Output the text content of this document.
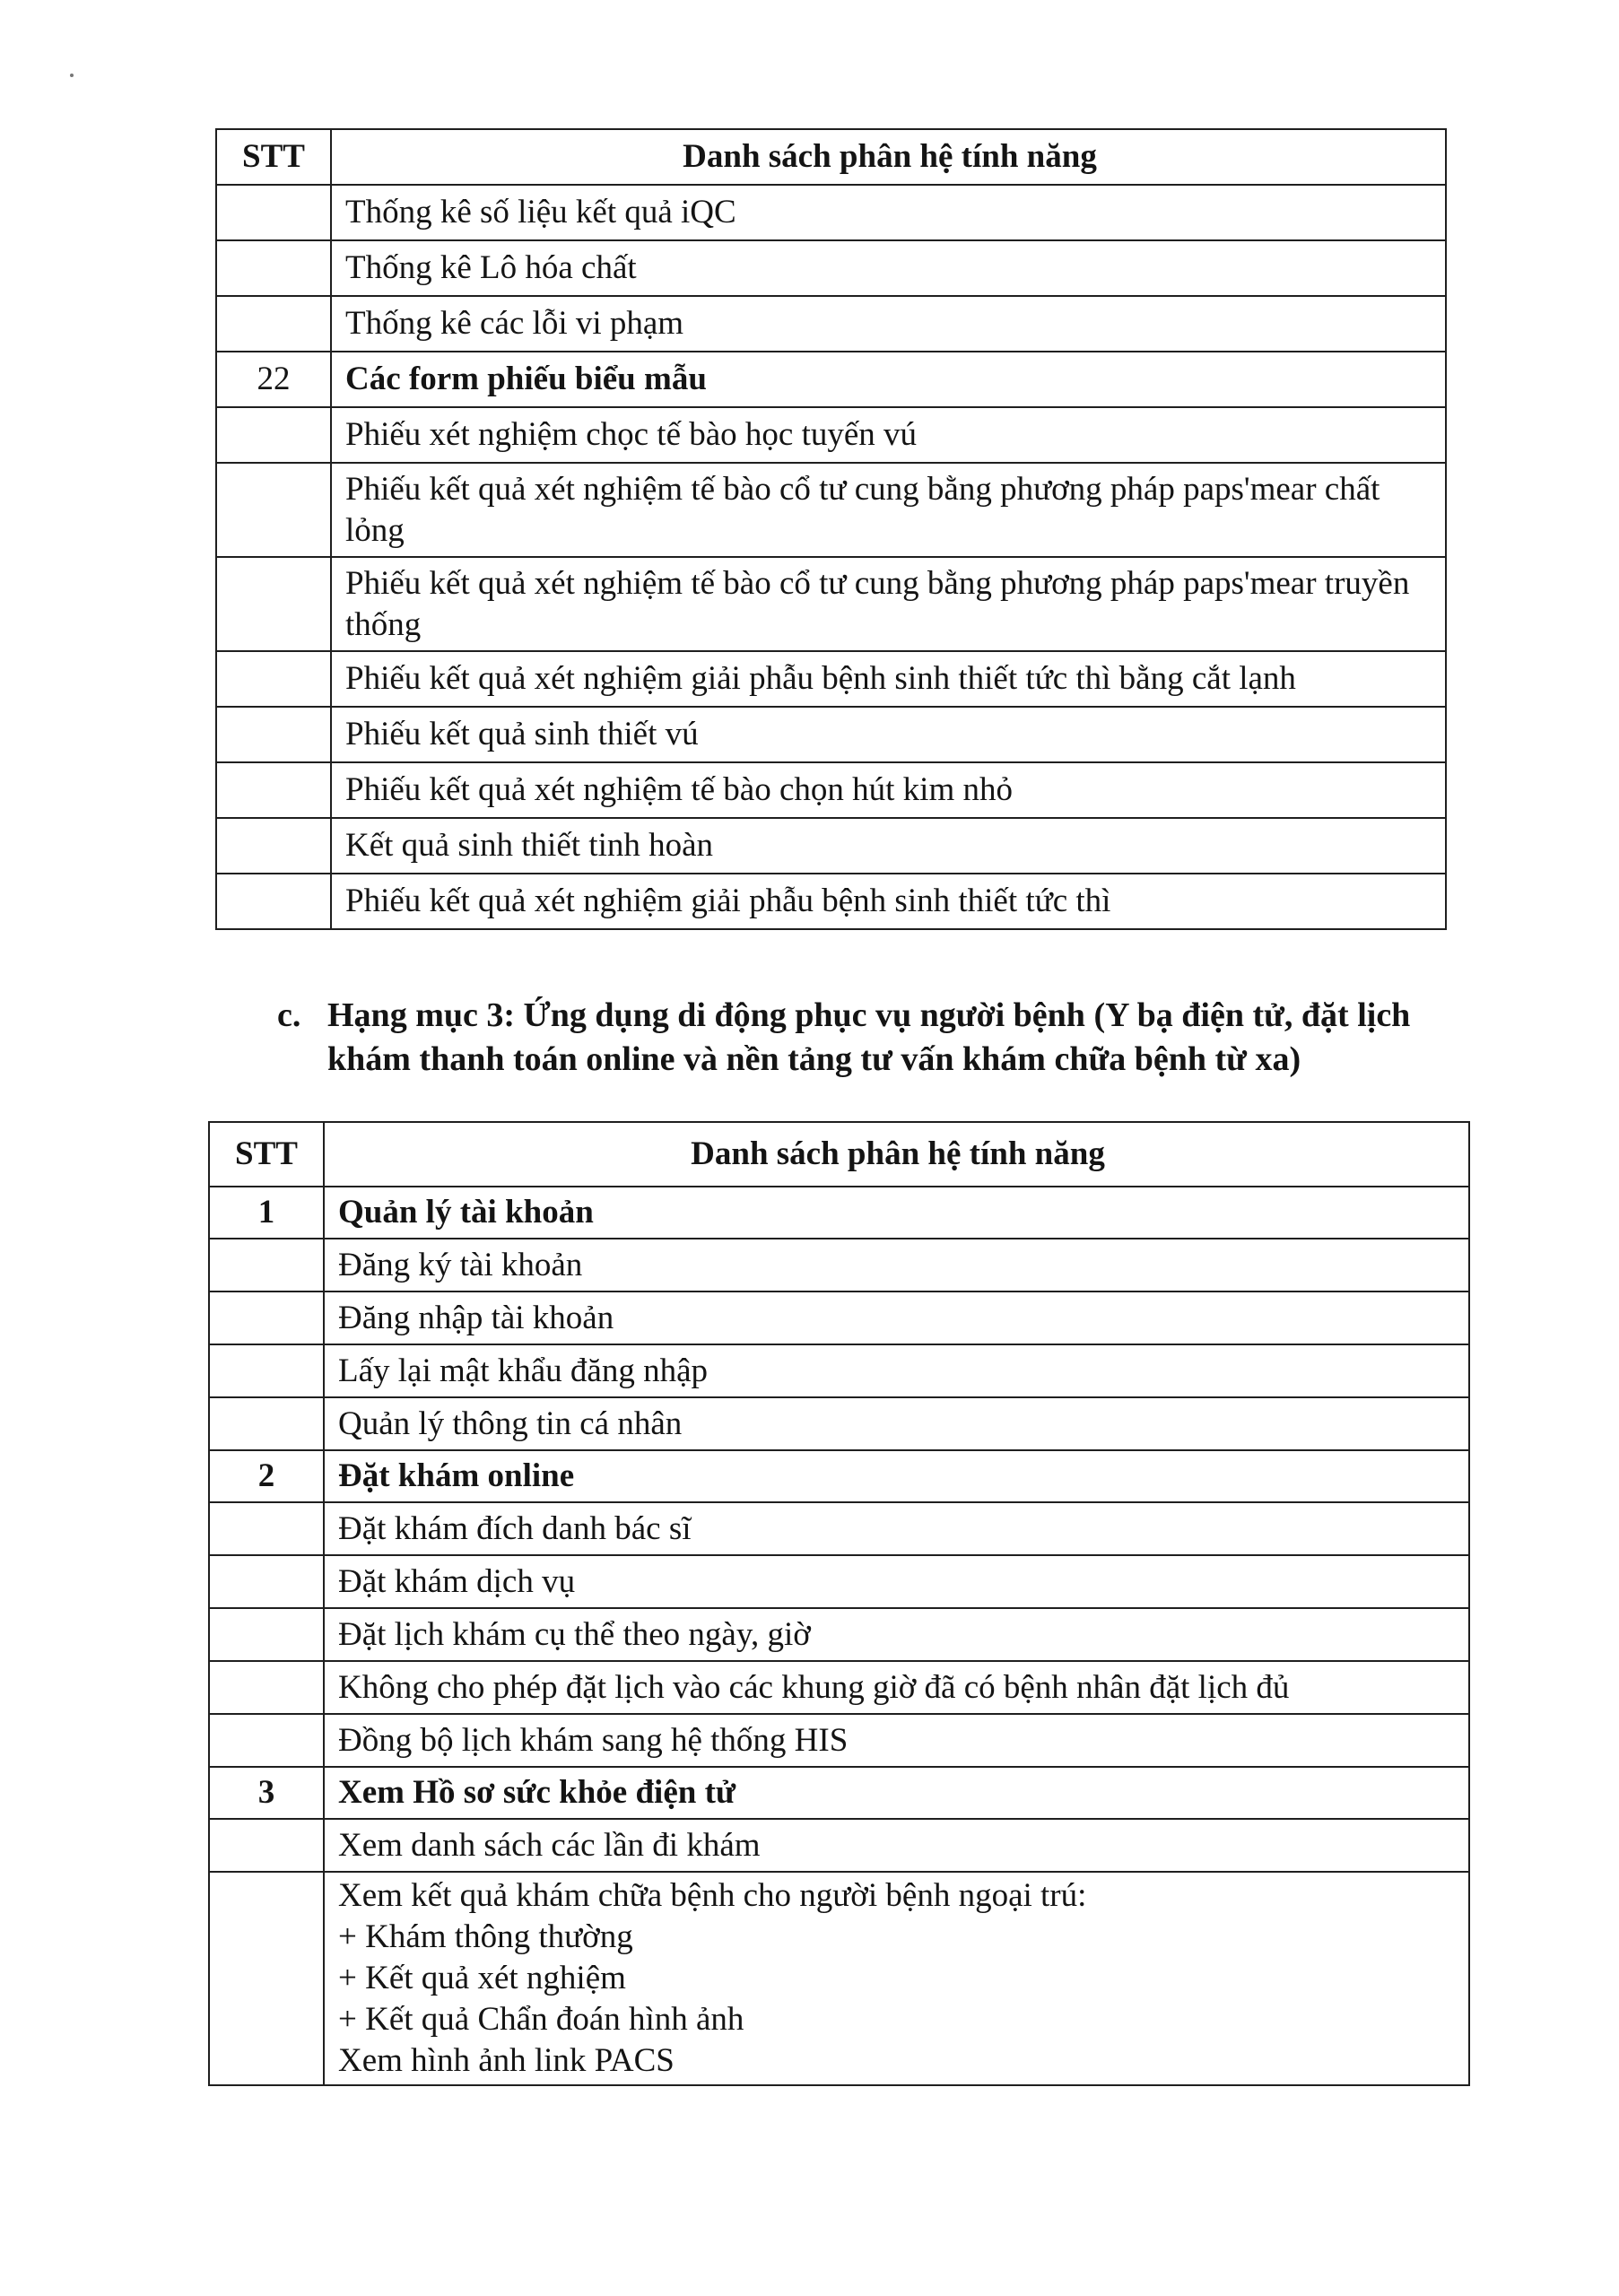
STT	Danh sách phân hệ tính năng
	Thống kê số liệu kết quả iQC
	Thống kê Lô hóa chất
	Thống kê các lỗi vi phạm
22	Các form phiếu biểu mẫu
	Phiếu xét nghiệm chọc tế bào học tuyến vú
	Phiếu kết quả xét nghiệm tế bào cổ tư cung bằng phương pháp paps'mear chất lỏng
	Phiếu kết quả xét nghiệm tế bào cổ tư cung bằng phương pháp paps'mear truyền thống
	Phiếu kết quả xét nghiệm giải phẫu bệnh sinh thiết tức thì bằng cắt lạnh
	Phiếu kết quả sinh thiết vú
	Phiếu kết quả xét nghiệm tế bào chọn hút kim nhỏ
	Kết quả sinh thiết tinh hoàn
	Phiếu kết quả xét nghiệm giải phẫu bệnh sinh thiết tức thì
c. Hạng mục 3: Ứng dụng di động phục vụ người bệnh (Y bạ điện tử, đặt lịch khám thanh toán online và nền tảng tư vấn khám chữa bệnh từ xa)
STT	Danh sách phân hệ tính năng
1	Quản lý tài khoản
	Đăng ký tài khoản
	Đăng nhập tài khoản
	Lấy lại mật khẩu đăng nhập
	Quản lý thông tin cá nhân
2	Đặt khám online
	Đặt khám đích danh bác sĩ
	Đặt khám dịch vụ
	Đặt lịch khám cụ thể theo ngày, giờ
	Không cho phép đặt lịch vào các khung giờ đã có bệnh nhân đặt lịch đủ
	Đồng bộ lịch khám sang hệ thống HIS
3	Xem Hồ sơ sức khỏe điện tử
	Xem danh sách các lần đi khám
	Xem kết quả khám chữa bệnh cho người bệnh ngoại trú:
+ Khám thông thường
+ Kết quả xét nghiệm
+ Kết quả Chẩn đoán hình ảnh
Xem hình ảnh link PACS
